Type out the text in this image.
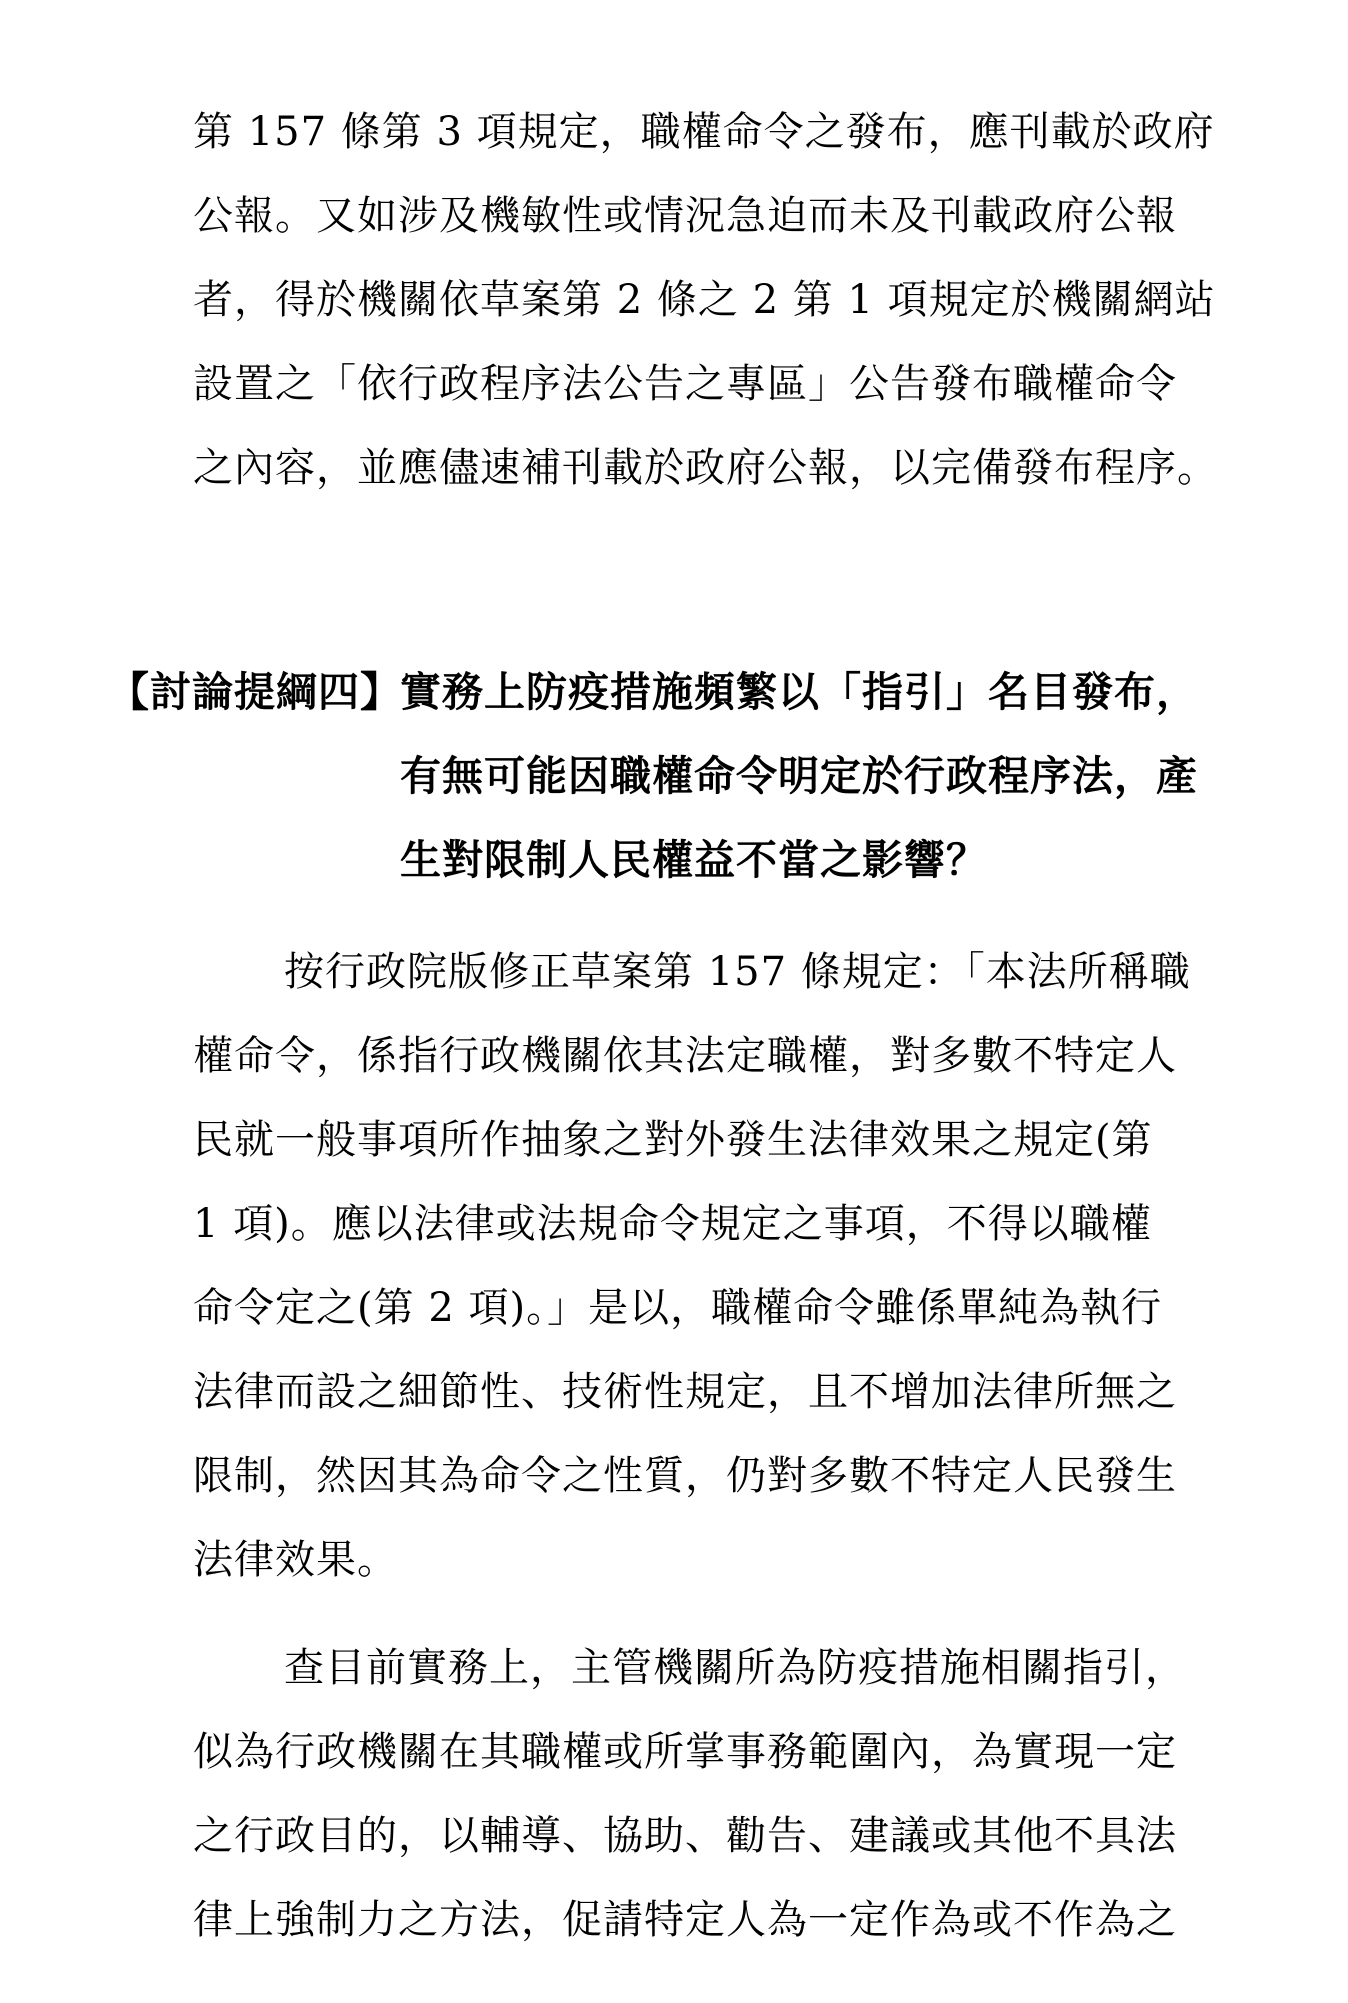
第 157 條第 3 項規定，職權命令之發布，應刊載於政府
公報。又如涉及機敏性或情況急迫而未及刊載政府公報
者，得於機關依草案第 2 條之 2 第 1 項規定於機關網站
設置之「依行政程序法公告之專區」公告發布職權命令
之內容，並應儘速補刊載於政府公報，以完備發布程序。
【討論提綱四】
實務上防疫措施頻繁以「指引」名目發布，
有無可能因職權命令明定於行政程序法，產
生對限制人民權益不當之影響？
按行政院版修正草案第 157 條規定：「本法所稱職
權命令，係指行政機關依其法定職權，對多數不特定人
民就一般事項所作抽象之對外發生法律效果之規定(第
1 項)。應以法律或法規命令規定之事項，不得以職權
命令定之(第 2 項)。」是以，職權命令雖係單純為執行
法律而設之細節性、技術性規定，且不增加法律所無之
限制，然因其為命令之性質，仍對多數不特定人民發生
法律效果。
查目前實務上，主管機關所為防疫措施相關指引，
似為行政機關在其職權或所掌事務範圍內，為實現一定
之行政目的，以輔導、協助、勸告、建議或其他不具法
律上強制力之方法，促請特定人為一定作為或不作為之
